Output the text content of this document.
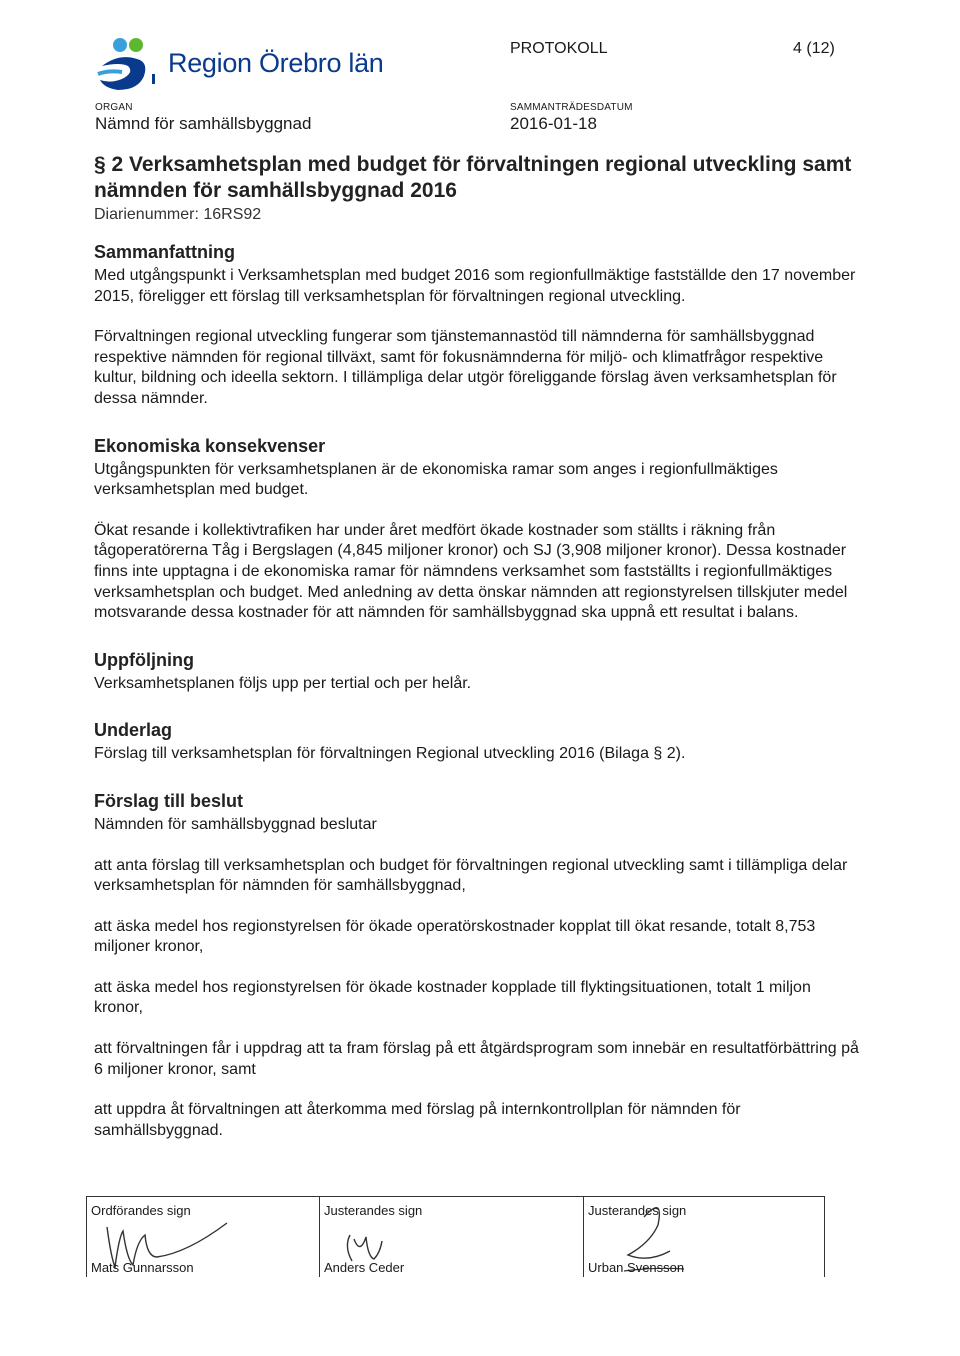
Region Örebro län	PROTOKOLL	4 (12)
ORGAN
Nämnd för samhällsbyggnad
SAMMANTRÄDESDATUM
2016-01-18
§ 2 Verksamhetsplan med budget för förvaltningen regional utveckling samt nämnden för samhällsbyggnad 2016
Diarienummer: 16RS92
Sammanfattning

Med utgångspunkt i Verksamhetsplan med budget 2016 som regionfullmäktige fastställde den 17 november 2015, föreligger ett förslag till verksamhetsplan för förvaltningen regional utveckling.

Förvaltningen regional utveckling fungerar som tjänstemannastöd till nämnderna för samhällsbyggnad respektive nämnden för regional tillväxt, samt för fokusnämnderna för miljö- och klimatfrågor respektive kultur, bildning och ideella sektorn. I tillämpliga delar utgör föreliggande förslag även verksamhetsplan för dessa nämnder.

Ekonomiska konsekvenser

Utgångspunkten för verksamhetsplanen är de ekonomiska ramar som anges i regionfullmäktiges verksamhetsplan med budget.

Ökat resande i kollektivtrafiken har under året medfört ökade kostnader som ställts i räkning från tågoperatörerna Tåg i Bergslagen (4,845 miljoner kronor) och SJ (3,908 miljoner kronor). Dessa kostnader finns inte upptagna i de ekonomiska ramar för nämndens verksamhet som fastställts i regionfullmäktiges verksamhetsplan och budget. Med anledning av detta önskar nämnden att regionstyrelsen tillskjuter medel motsvarande dessa kostnader för att nämnden för samhällsbyggnad ska uppnå ett resultat i balans.

Uppföljning

Verksamhetsplanen följs upp per tertial och per helår.

Underlag

Förslag till verksamhetsplan för förvaltningen Regional utveckling 2016 (Bilaga § 2).

Förslag till beslut

Nämnden för samhällsbyggnad beslutar

att anta förslag till verksamhetsplan och budget för förvaltningen regional utveckling samt i tillämpliga delar verksamhetsplan för nämnden för samhällsbyggnad,

att äska medel hos regionstyrelsen för ökade operatörskostnader kopplat till ökat resande, totalt 8,753 miljoner kronor,

att äska medel hos regionstyrelsen för ökade kostnader kopplade till flyktingsituationen, totalt 1 miljon kronor,

att förvaltningen får i uppdrag att ta fram förslag på ett åtgärdsprogram som innebär en resultatförbättring på 6 miljoner kronor, samt

att uppdra åt förvaltningen att återkomma med förslag på internkontrollplan för nämnden för samhällsbyggnad.

Ordförandes sign
Mats Gunnarsson
Justerandes sign
Anders Ceder
Justerandes sign
Urban Svensson
